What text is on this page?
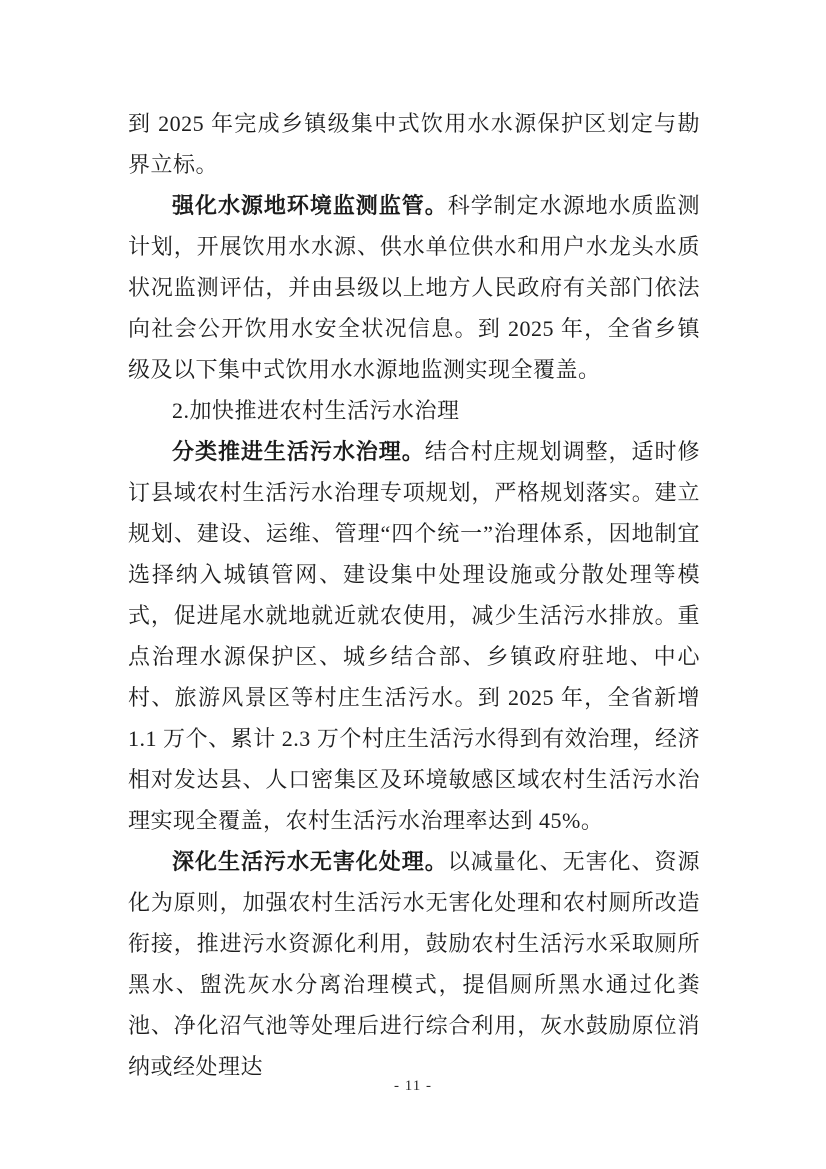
到 2025 年完成乡镇级集中式饮用水水源保护区划定与勘界立标。

强化水源地环境监测监管。科学制定水源地水质监测计划，开展饮用水水源、供水单位供水和用户水龙头水质状况监测评估，并由县级以上地方人民政府有关部门依法向社会公开饮用水安全状况信息。到 2025 年，全省乡镇级及以下集中式饮用水水源地监测实现全覆盖。

2.加快推进农村生活污水治理

分类推进生活污水治理。结合村庄规划调整，适时修订县域农村生活污水治理专项规划，严格规划落实。建立规划、建设、运维、管理“四个统一”治理体系，因地制宜选择纳入城镇管网、建设集中处理设施或分散处理等模式，促进尾水就地就近就农使用，减少生活污水排放。重点治理水源保护区、城乡结合部、乡镇政府驻地、中心村、旅游风景区等村庄生活污水。到 2025 年，全省新增 1.1 万个、累计 2.3 万个村庄生活污水得到有效治理，经济相对发达县、人口密集区及环境敏感区域农村生活污水治理实现全覆盖，农村生活污水治理率达到 45%。

深化生活污水无害化处理。以减量化、无害化、资源化为原则，加强农村生活污水无害化处理和农村厕所改造衔接，推进污水资源化利用，鼓励农村生活污水采取厕所黑水、盥洗灰水分离治理模式，提倡厕所黑水通过化粪池、净化沼气池等处理后进行综合利用，灰水鼓励原位消纳或经处理达

- 11 -
